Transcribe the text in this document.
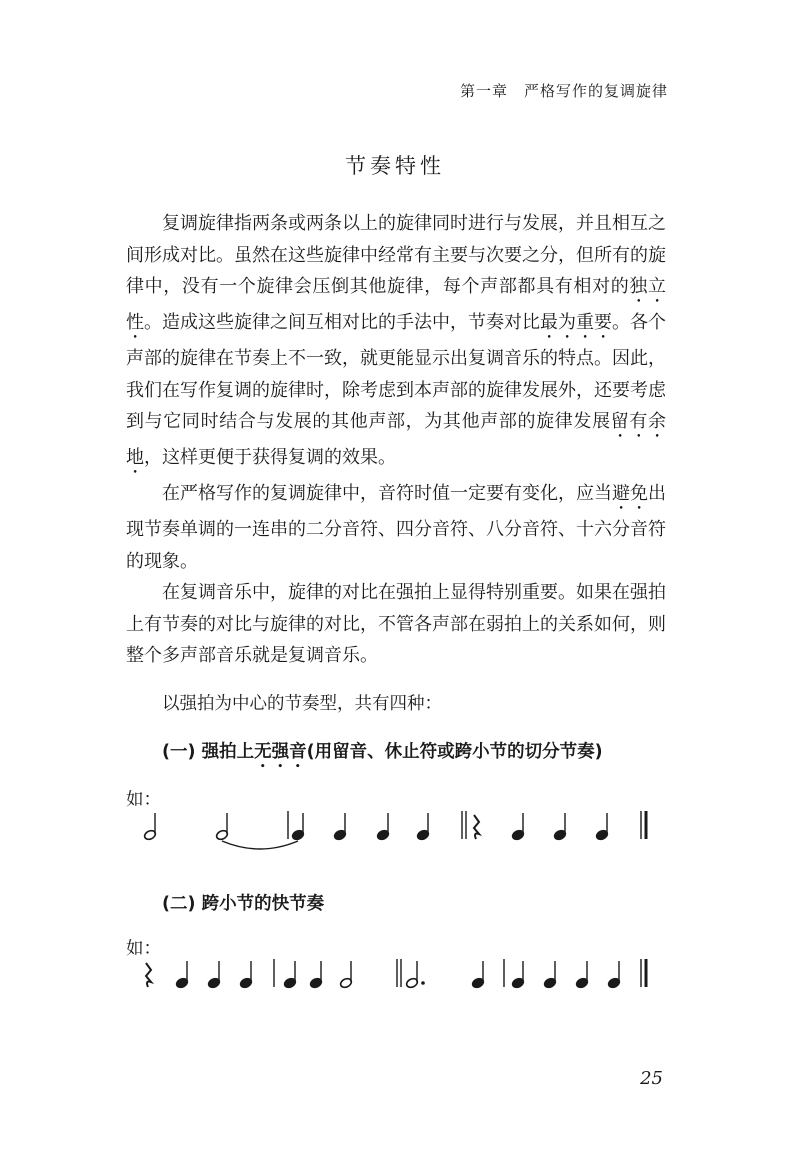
第一章　严格写作的复调旋律
节奏特性

复调旋律指两条或两条以上的旋律同时进行与发展，并且相互之间形成对比。虽然在这些旋律中经常有主要与次要之分，但所有的旋律中，没有一个旋律会压倒其他旋律，每个声部都具有相对的独立性。造成这些旋律之间互相对比的手法中，节奏对比最为重要。各个声部的旋律在节奏上不一致，就更能显示出复调音乐的特点。因此，我们在写作复调的旋律时，除考虑到本声部的旋律发展外，还要考虑到与它同时结合与发展的其他声部，为其他声部的旋律发展留有余地，这样更便于获得复调的效果。

在严格写作的复调旋律中，音符时值一定要有变化，应当避免出现节奏单调的一连串的二分音符、四分音符、八分音符、十六分音符的现象。

在复调音乐中，旋律的对比在强拍上显得特别重要。如果在强拍上有节奏的对比与旋律的对比，不管各声部在弱拍上的关系如何，则整个多声部音乐就是复调音乐。

以强拍为中心的节奏型，共有四种：
(一) 强拍上无强音(用留音、休止符或跨小节的切分节奏)
如：
(二) 跨小节的快节奏
如：
25
